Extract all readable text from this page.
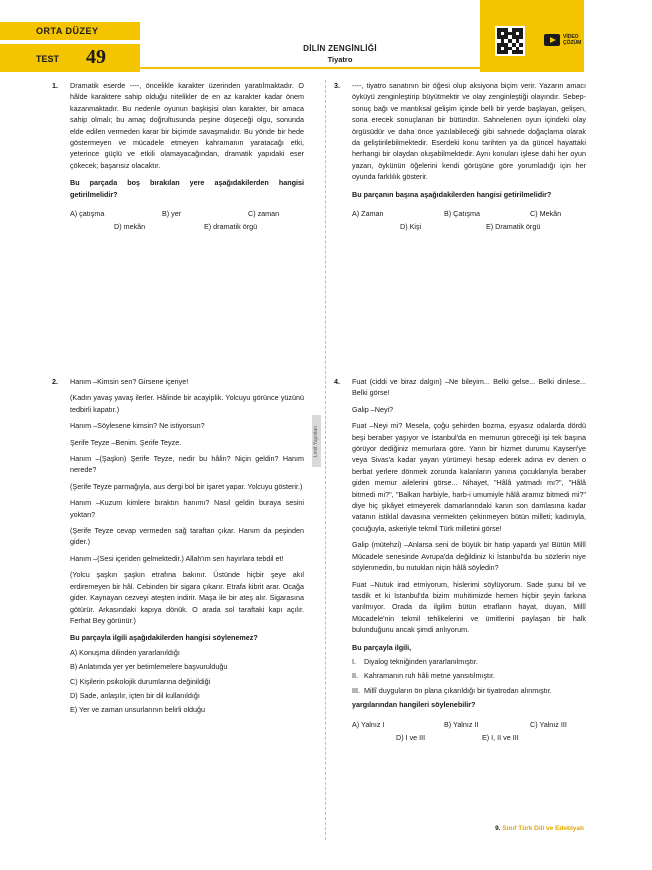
ORTA DÜZEY
TEST 49	DİLİN ZENGİNLİĞİ
Tiyatro
VİDEO
ÇÖZÜM
Limit Yayınları
1. Dramatik eserde ----, öncelikle karakter üzerinden yaratılmaktadır. O hâlde karaktere sahip olduğu nitelikler de en az karakter kadar önem kazanmaktadır. Bu nedenle oyunun başkişisi olan karakter, bir amaca sahip olmalı; bu amaç doğrultusunda peşine düşeceği olgu, sonunda elde edilen vermeden karar bir biçimde savaşmalıdır. Bu yönde bir hede göstermeyen ve mücadele etmeyen kahramanın yaratacağı etki, yeterince güçlü ve etkili olamayacağından, dramatik yapıdaki eser çökecek; başarısız olacaktır.

Bu parçada boş bırakılan yere aşağıdakilerden hangisi getirilmelidir?

A) çatışma	B) yer	C) zaman
D) mekân	E) dramatik örgü
3. ----, tiyatro sanatının bir öğesi olup aksiyona biçim verir. Yazarın amacı öyküyü zenginleştirip büyütmektir ve olay zenginleştiği olayındır. Sebep-sonuç bağı ve mantıksal gelişim içinde belli bir yerde başlayan, gelişen, sona erecek sonuçlanan bir bütündür. Sahnelenen oyun içindeki olay örgüsüdür ve daha önce yazılabileceği gibi sahnede doğaçlama olarak da geliştirilebilmektedir. Eserdeki konu tarihten ya da güncel hayattaki herhangi bir olaydan oluşabilmektedir. Aynı konuları işlese dahi her oyun yazarı, öykünün öğelerini kendi görüşüne göre yorumladığı için her oyunda farklılık gösterir.

Bu parçanın başına aşağıdakilerden hangisi getirilmelidir?

A) Zaman	B) Çatışma	C) Mekân
D) Kişi	E) Dramatik örgü
2. Hanım –Kimsin sen? Girsene içeriye!

(Kadın yavaş yavaş ilerler. Hâlinde bir acayiplik. Yolcuyu görünce yüzünü tedbirli kapatır.)

Hanım –Söylesene kimsin? Ne istiyorsun?

Şerife Teyze –Benim. Şerife Teyze.

Hanım –(Şaşkın) Şerife Teyze, nedir bu hâlin? Niçin geldin? Hanım nerede?

(Şerife Teyze parmağıyla, aus dergi bol bir işaret yapar. Yolcuyu gösterir.)

Hanım –Kuzum kimlere bıraktın hanımı? Nasıl geldin buraya sesini yoktan?

(Şerife Teyze cevap vermeden sağ taraftan çıkar. Hanım da peşinden gider.)

Hanım –(Sesi içeriden gelmektedir.) Allah'ım sen hayırlara tebdil et!

(Yolcu şaşkın şaşkın etrafına bakınır. Üstünde hiçbir şeye akıl erdiremeyen bir hâl. Cebinden bir sigara çıkarır. Etrafa kibrit arar. Ocağa gider. Kaynayan cezveyi ateşten indirir. Maşa ile bir ateş alır. Sigarasına götürür. Arkasındaki kapıya dönük. O arada sol taraftaki kapı açılır. Ferhat Bey görünür.)

Bu parçayla ilgili aşağıdakilerden hangisi söylenemez?

A) Konuşma dilinden yararlanıldığı
B) Anlatımda yer yer betimlemelere başvurulduğu
C) Kişilerin psikolojik durumlarına değinildiği
D) Sade, anlaşılır, içten bir dil kullanıldığı
E) Yer ve zaman unsurlarının belirli olduğu
4. Fuat (ciddi ve biraz dalgın) –Ne bileyim... Belki gelse... Belki dinlese... Belki görse!

Galip –Neyi?

Fuat –Neyi mi? Mesela, çoğu şehirden bozma, eşyasız odalarda dördü beşi beraber yaşıyor ve İstanbul'da en memurun göreceği işi tek başına görüyor dediğiniz memurlara göre. Yarın bir hizmet durumu Kayseri'ye veya Sivas'a kadar yayan yürümeyi hesap ederek adına ev denen o berbat yerlere dönmek zorunda kalanların yanına çocuklarıyla beraber giden memur ailelerini görse... Nihayet, "Hâlâ yatmadı mı?", "Hâlâ bitmedi mi?", "Balkan harbiyle, harb-i umumiyle hâlâ aramız bitmedi mi?" diye hiç şikâyet etmeyerek damarlarındaki kanın son damlasına kadar vatanın istiklal davasına vermekten çekinmeyen bütün milleti; kadınıyla, çocuğuyla, askeriyle tekmil Türk milletini görse!

Galip (mütehzi) –Anlarsa seni de büyük bir hatip yapardı ya! Bütün Millî Mücadele senesinde Avrupa'da değildiniz ki İstanbul'da bu sözlerin niye söylenmedin, bu nutukları niçin hâlâ söyledin?

Fuat –Nutuk irad etmiyorum, hislerimi söylüyorum. Sade şunu bil ve tasdik et ki İstanbul'da bizim muhitimizde hemen hiçbir şeyin farkına varılmıyor. Orada da ilgilim bütün etrafların hayat, duyan, Millî Mücadele'nin tekmil tehlikelerini ve ümitlerini paylaşan bir halk bulunduğunu ancak şimdi anlıyorum.

Bu parçayla ilgili,

I. Diyalog tekniğinden yararlanılmıştır.
II. Kahramanın ruh hâli metne yansıtılmıştır.
III. Millî duyguların ön plana çıkarıldığı bir tiyatrodan alınmıştır.

yargılarından hangileri söylenebilir?

A) Yalnız I	B) Yalnız II	C) Yalnız III
D) I ve III	E) I, II ve III
9. Sınıf Türk Dili ve Edebiyatı
